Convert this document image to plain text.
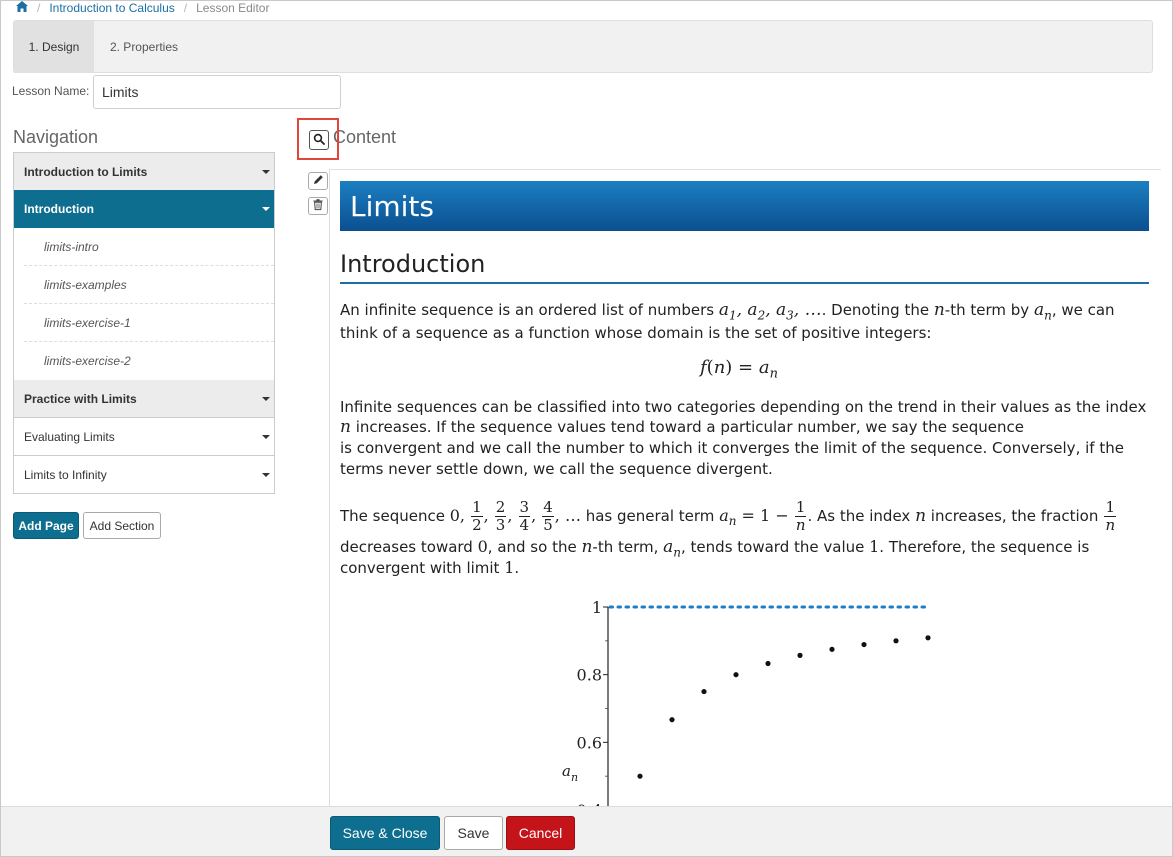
/ Introduction to Calculus / Lesson Editor
1. Design	2. Properties
Lesson Name:
Limits
Navigation	Content
Introduction to Limits
Introduction
limits-intro
limits-examples
limits-exercise-1
limits-exercise-2
Practice with Limits
Evaluating Limits
Limits to Infinity
Add Page	Add Section
Limits
Introduction
An infinite sequence is an ordered list of numbers $a_1$, $a_2$, $a_3$, …. Denoting the n-th term by $a_n$, we can
think of a sequence as a function whose domain is the set of positive integers:
$f(n) = a_n$
Infinite sequences can be classified into two categories depending on the trend in their values as the index
n increases. If the sequence values tend toward a particular number, we say the sequence
is convergent and we call the number to which it converges the limit of the sequence. Conversely, if the
terms never settle down, we call the sequence divergent.
The sequence 0, $\frac{1}{2}$ , $\frac{2}{3}$ , $\frac{3}{4}$ , $\frac{4}{5}$ , … has general term $a_n = 1 - \frac{1}{n}$ . As the index n increases, the fraction $\frac{1}{n}$
decreases toward 0, and so the n-th term, $a_n$, tends toward the value 1. Therefore, the sequence is
convergent with limit 1.
$a_n$
0.6
0.8
1
Save & Close	Save	Cancel
